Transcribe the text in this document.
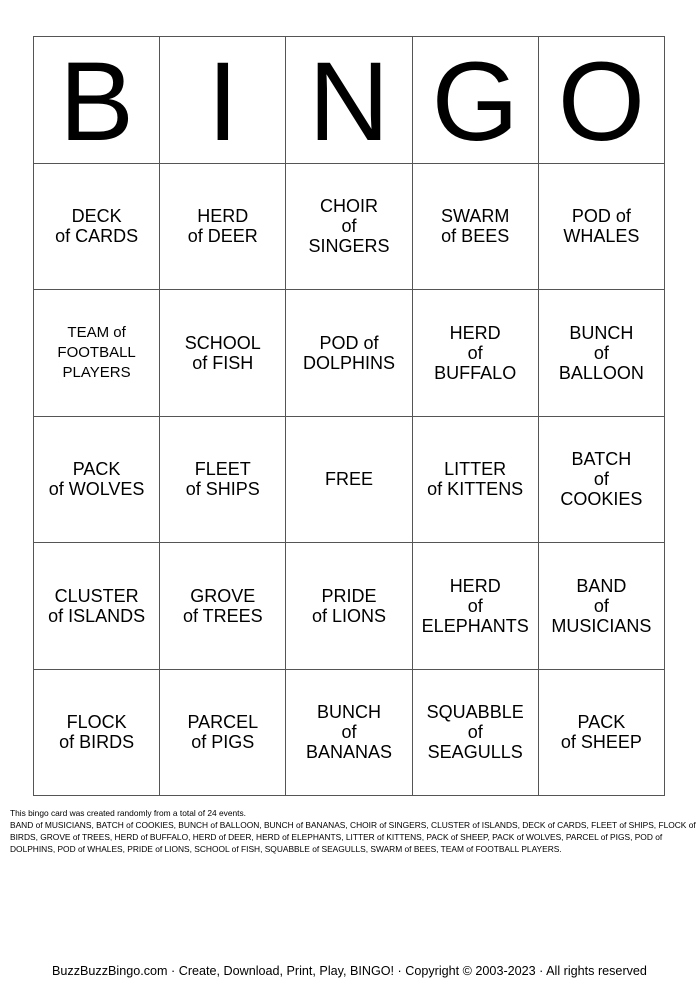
B I N G O
DECK
of CARDS
HERD
of DEER
CHOIR
of
SINGERS
SWARM
of BEES
POD of
WHALES
TEAM of
FOOTBALL
PLAYERS
SCHOOL
of FISH
POD of
DOLPHINS
HERD
of
BUFFALO
BUNCH
of
BALLOON
PACK
of WOLVES
FLEET
of SHIPS	FREE	LITTER
of KITTENS
BATCH
of
COOKIES
CLUSTER
of ISLANDS
GROVE
of TREES
PRIDE
of LIONS
HERD
of
ELEPHANTS
BAND
of
MUSICIANS
FLOCK
of BIRDS
PARCEL
of PIGS
BUNCH
of
BANANAS
SQUABBLE
of
SEAGULLS
PACK
of SHEEP

This bingo card was created randomly from a total of 24 events.

BAND of MUSICIANS, BATCH of COOKIES, BUNCH of BALLOON, BUNCH of BANANAS, CHOIR of SINGERS, CLUSTER of ISLANDS, DECK of CARDS, FLEET of SHIPS, FLOCK of BIRDS, GROVE of TREES, HERD of BUFFALO, HERD of DEER, HERD of ELEPHANTS, LITTER of KITTENS, PACK of SHEEP, PACK of WOLVES, PARCEL of PIGS, POD of DOLPHINS, POD of WHALES, PRIDE of LIONS, SCHOOL of FISH, SQUABBLE of SEAGULLS, SWARM of BEES, TEAM of FOOTBALL PLAYERS.

BuzzBuzzBingo.com · Create, Download, Print, Play, BINGO! · Copyright © 2003-2023 · All rights reserved
